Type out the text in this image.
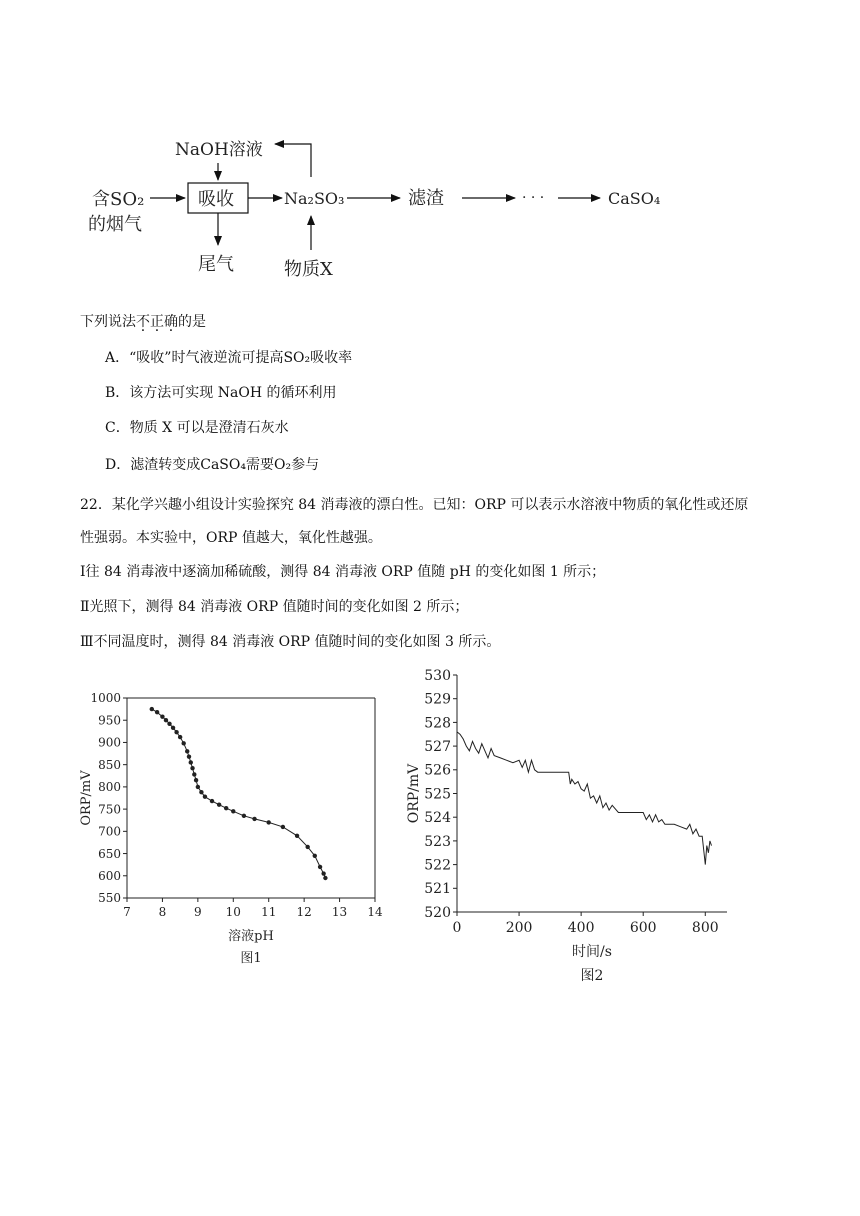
NaOH溶液
含SO₂
的烟气
吸收	Na₂SO₃	滤渣	· · ·	CaSO₄
尾气	物质X
下列说法不正确的是
A．“吸收”时气液逆流可提高SO₂吸收率
B．该方法可实现 NaOH 的循环利用
C．物质 X 可以是澄清石灰水
D．滤渣转变成CaSO₄需要O₂参与
22．某化学兴趣小组设计实验探究 84 消毒液的漂白性。已知：ORP 可以表示水溶液中物质的氧化性或还原
性强弱。本实验中，ORP 值越大，氧化性越强。
Ⅰ往 84 消毒液中逐滴加稀硫酸，测得 84 消毒液 ORP 值随 pH 的变化如图 1 所示；
Ⅱ光照下，测得 84 消毒液 ORP 值随时间的变化如图 2 所示；
Ⅲ不同温度时，测得 84 消毒液 ORP 值随时间的变化如图 3 所示。
7 8 9 10 11 12 13 14
550
600
650
700
750
800
850
900
950
1000
溶液pH
ORP/mV
图1
0	200	400	600	800
520
521
522
523
524
525
526
527
528
529
530
时间/s
ORP/mV
图2
